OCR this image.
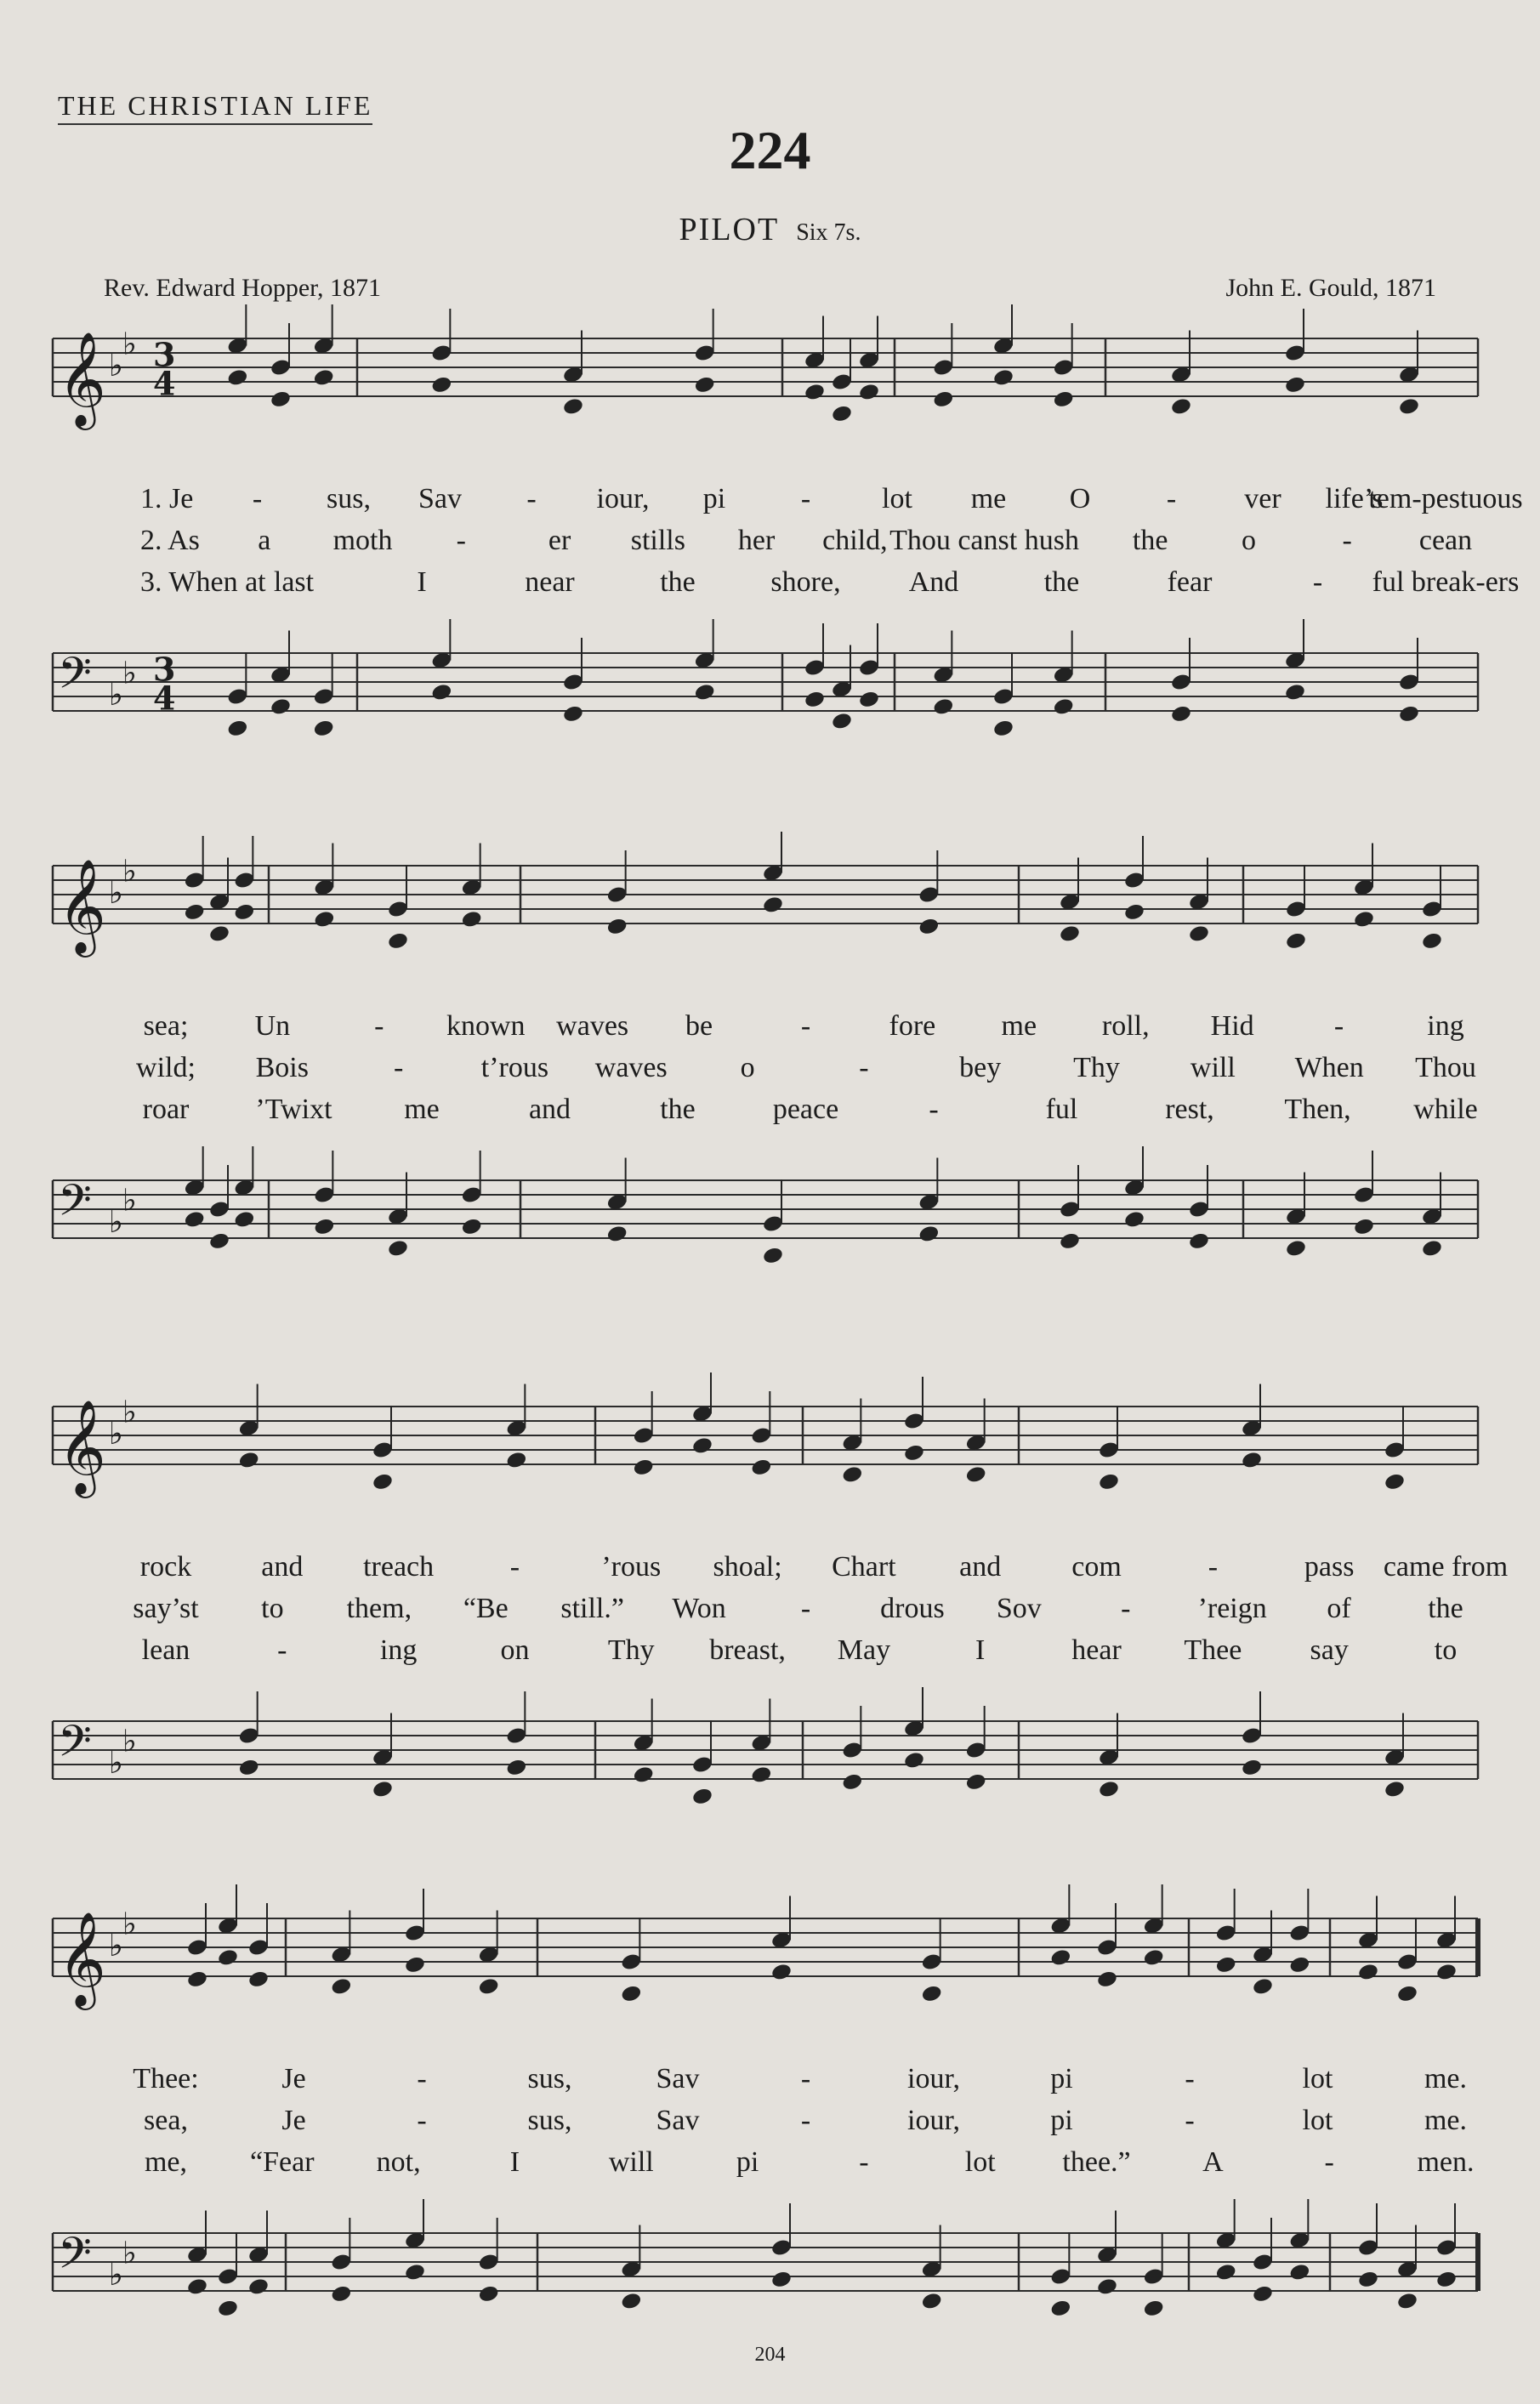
THE CHRISTIAN LIFE
224
PILOT Six 7s.
Rev. Edward Hopper, 1871	John E. Gould, 1871
𝄞 ♭
♭ 3
4
1. Je - sus, Sav - iour, pi	- lot me O	- ver life’s
tem-pestuous
2. As a moth -	er stills her child, Thou canst hush the	o	- cean
3. When at last	I	near	the	shore, And	the	fear	- ful break-ers
𝄢 ♭
♭ 3
4
𝄞 ♭
♭
sea; Un	- known waves be	-	fore me roll, Hid	-	ing
wild; Bois	-	t’rous waves	o	-	bey Thy will When Thou
roar ’Twixt me	and	the	peace	-	ful	rest, Then, while
𝄢 ♭
♭
𝄞 ♭
♭
rock and treach	-	’rous shoal; Chart and com	-	pass came from
say’st to them, “Be still.” Won	- drous Sov	- ’reign of	the
lean	-	ing	on	Thy breast, May	I	hear Thee say	to
𝄢 ♭
♭
𝄞 ♭
♭
Thee:	Je	-	sus,	Sav	-	iour,	pi	-	lot	me.
sea,	Je	-	sus,	Sav	-	iour,	pi	-	lot	me.
me, “Fear not,	I	will	pi	-	lot thee.” A	-	men.
𝄢 ♭
♭
204
